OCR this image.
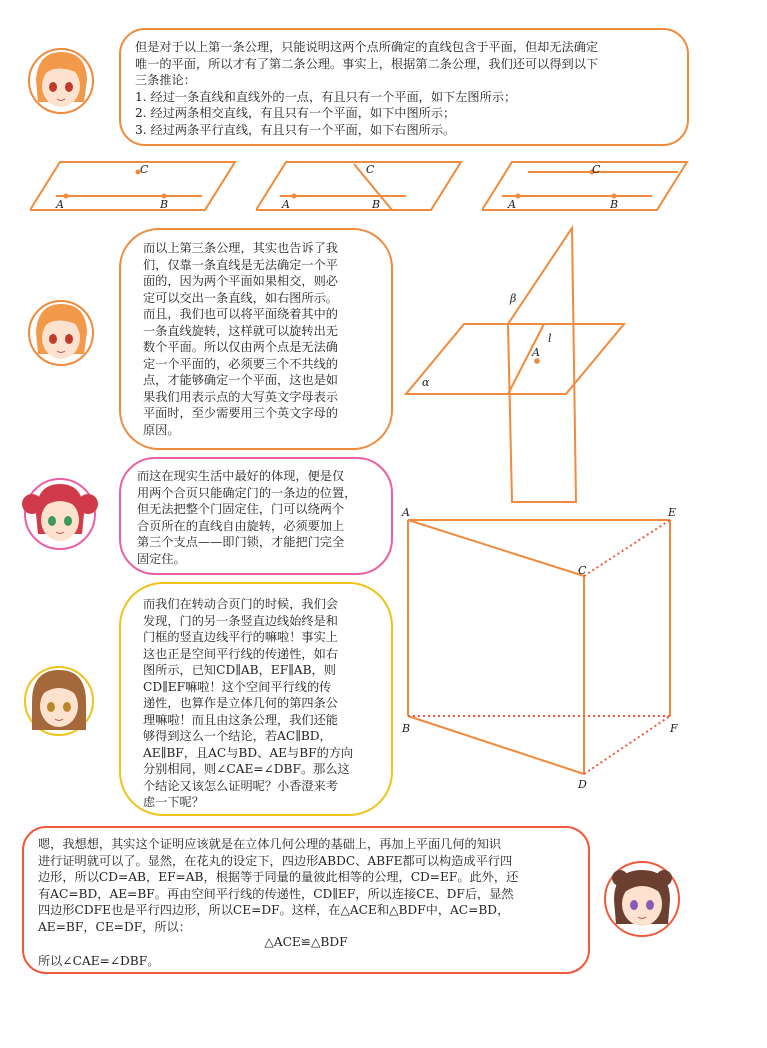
但是对于以上第一条公理，只能说明这两个点所确定的直线包含于平面，但却无法确定
唯一的平面，所以才有了第二条公理。事实上，根据第二条公理，我们还可以得到以下
三条推论：
1. 经过一条直线和直线外的一点，有且只有一个平面，如下左图所示；
2. 经过两条相交直线，有且只有一个平面，如下中图所示；
3. 经过两条平行直线，有且只有一个平面，如下右图所示。
而以上第三条公理，其实也告诉了我
们，仅靠一条直线是无法确定一个平
面的，因为两个平面如果相交，则必
定可以交出一条直线，如右图所示。
而且，我们也可以将平面绕着其中的
一条直线旋转，这样就可以旋转出无
数个平面。所以仅由两个点是无法确
定一个平面的，必须要三个不共线的
点，才能够确定一个平面，这也是如
果我们用表示点的大写英文字母表示
平面时，至少需要用三个英文字母的
原因。
而这在现实生活中最好的体现，便是仅
用两个合页只能确定门的一条边的位置，
但无法把整个门固定住，门可以绕两个
合页所在的直线自由旋转，必须要加上
第三个支点——即门锁，才能把门完全
固定住。
而我们在转动合页门的时候，我们会
发现，门的另一条竖直边线始终是和
门框的竖直边线平行的嘛啦！事实上
这也正是空间平行线的传递性，如右
图所示，已知CD∥AB，EF∥AB，则
CD∥EF嘛啦！这个空间平行线的传
递性，也算作是立体几何的第四条公
理嘛啦！而且由这条公理，我们还能
够得到这么一个结论，若AC∥BD，
AE∥BF，且AC与BD、AE与BF的方向
分别相同，则∠CAE=∠DBF。那么这
个结论又该怎么证明呢？小香澄来考
虑一下呢？
嗯，我想想，其实这个证明应该就是在立体几何公理的基础上，再加上平面几何的知识
进行证明就可以了。显然，在花丸的设定下，四边形ABDC、ABFE都可以构造成平行四
边形，所以CD=AB，EF=AB，根据等于同量的量彼此相等的公理，CD=EF。此外，还
有AC=BD，AE=BF。再由空间平行线的传递性，CD∥EF，所以连接CE、DF后，显然
四边形CDFE也是平行四边形，所以CE=DF。这样，在△ACE和△BDF中，AC=BD，
AE=BF，CE=DF，所以：
△ACE≌△BDF
所以∠CAE=∠DBF。
C
A	B
C
A	B
C
A	B
β
α
A
l
A	E
C
B	F
D
